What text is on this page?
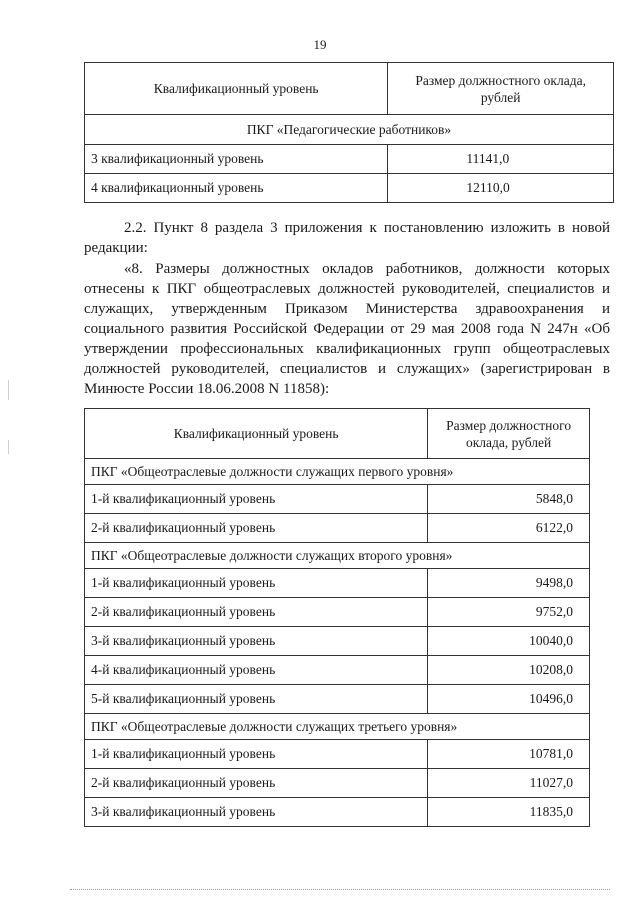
19
Квалификационный уровень	Размер должностного оклада, рублей
ПКГ «Педагогические работников»	
3 квалификационный уровень	11141,0
4 квалификационный уровень	12110,0
2.2. Пункт 8 раздела 3 приложения к постановлению изложить в новой редакции:
«8. Размеры должностных окладов работников, должности которых отнесены к ПКГ общеотраслевых должностей руководителей, специалистов и служащих, утвержденным Приказом Министерства здравоохранения и социального развития Российской Федерации от 29 мая 2008 года N 247н «Об утверждении профессиональных квалификационных групп общеотраслевых должностей руководителей, специалистов и служащих» (зарегистрирован в Минюсте России 18.06.2008 N 11858):
Квалификационный уровень	Размер должностного оклада, рублей
ПКГ «Общеотраслевые должности служащих первого уровня»	
1-й квалификационный уровень	5848,0
2-й квалификационный уровень	6122,0
ПКГ «Общеотраслевые должности служащих второго уровня»	
1-й квалификационный уровень	9498,0
2-й квалификационный уровень	9752,0
3-й квалификационный уровень	10040,0
4-й квалификационный уровень	10208,0
5-й квалификационный уровень	10496,0
ПКГ «Общеотраслевые должности служащих третьего уровня»	
1-й квалификационный уровень	10781,0
2-й квалификационный уровень	11027,0
3-й квалификационный уровень	11835,0
